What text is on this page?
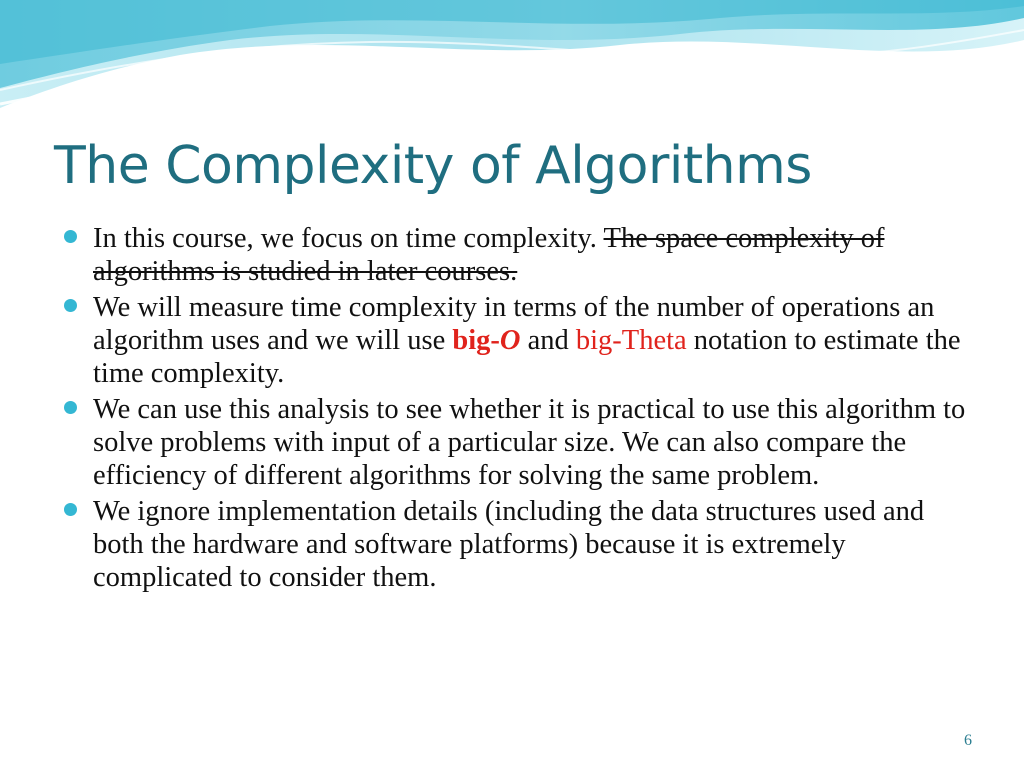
The Complexity of Algorithms
In this course, we focus on time complexity. The space complexity of algorithms is studied in later courses.
We will measure time complexity in terms of the number of operations an algorithm uses and we will use big-O and big-Theta notation to estimate the time complexity.
We can use this analysis to see whether it is practical to use this algorithm to solve problems with input of a particular size. We can also compare the efficiency of different algorithms for solving the same problem.
We ignore implementation details (including the data structures used and both the hardware and software platforms) because it is extremely complicated to consider them.
6
